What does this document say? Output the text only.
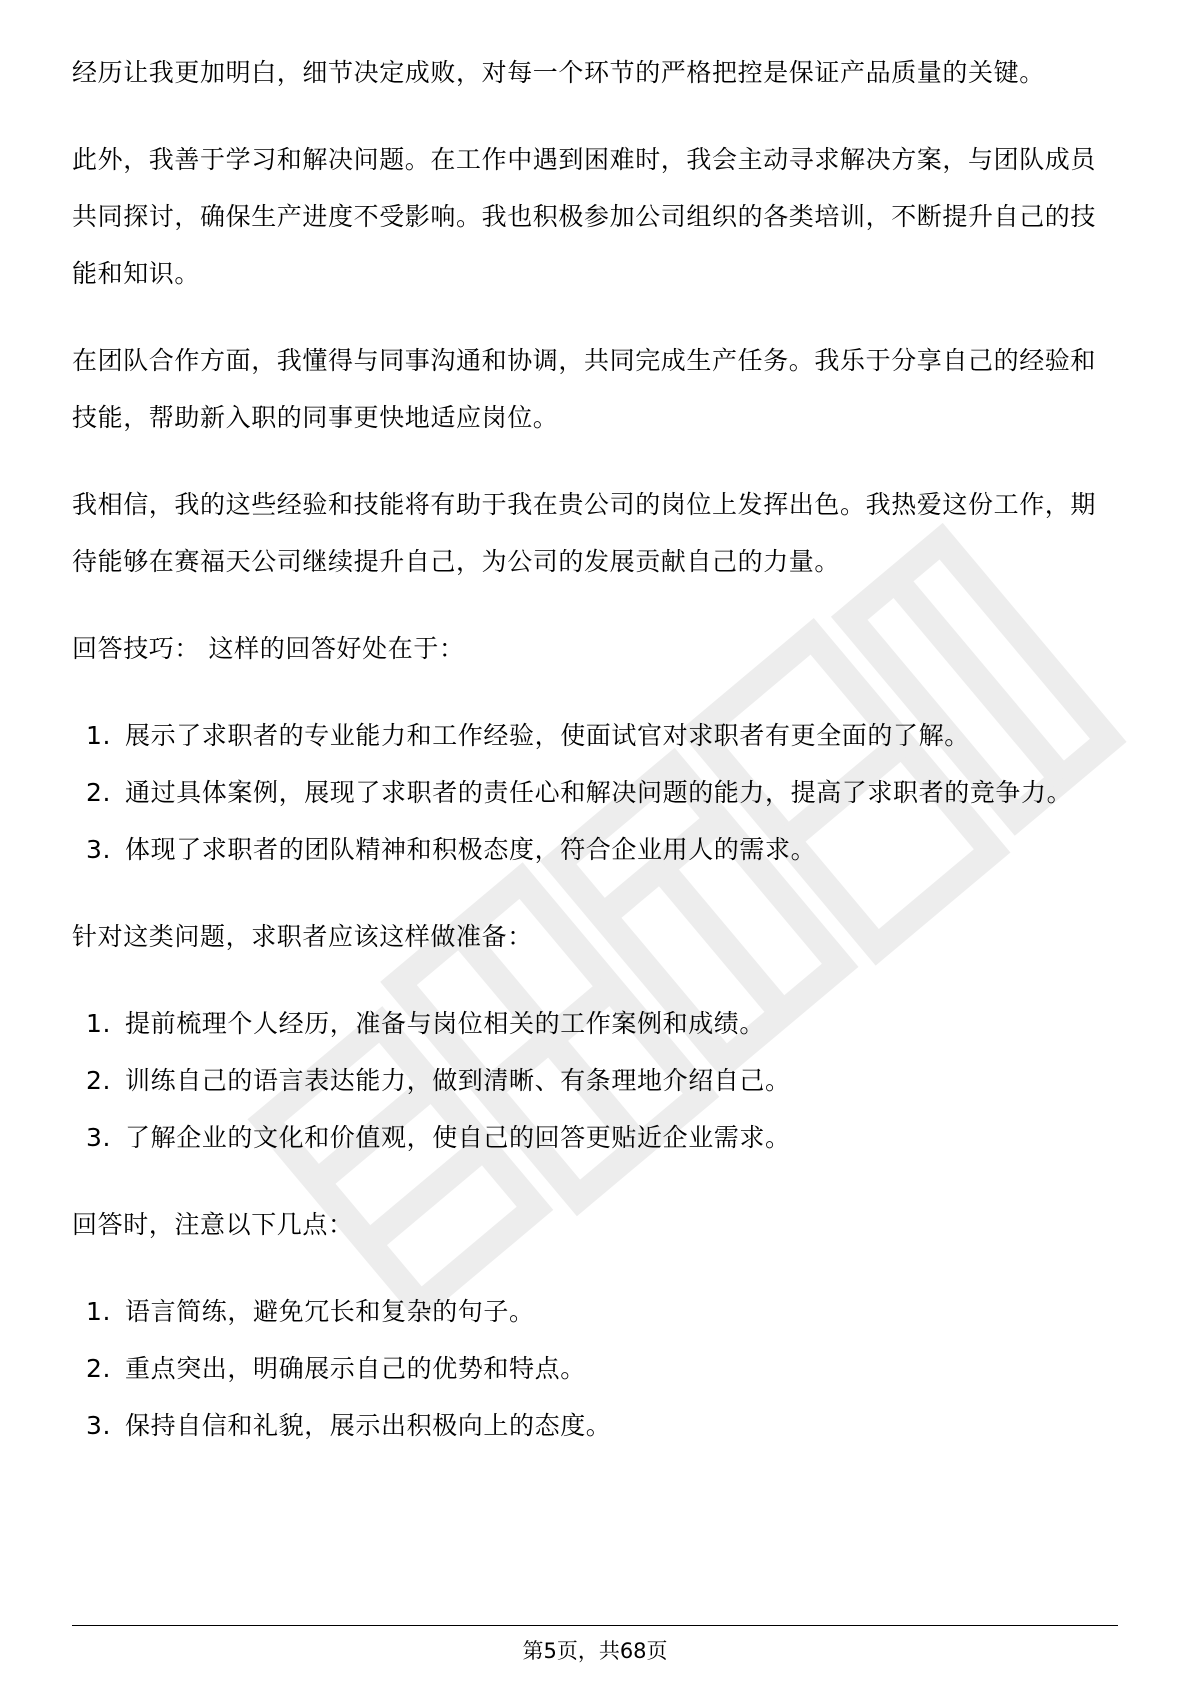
经历让我更加明白，细节决定成败，对每一个环节的严格把控是保证产品质量的关键。

此外，我善于学习和解决问题。在工作中遇到困难时，我会主动寻求解决方案，与团队成员共同探讨，确保生产进度不受影响。我也积极参加公司组织的各类培训，不断提升自己的技能和知识。

在团队合作方面，我懂得与同事沟通和协调，共同完成生产任务。我乐于分享自己的经验和技能，帮助新入职的同事更快地适应岗位。

我相信，我的这些经验和技能将有助于我在贵公司的岗位上发挥出色。我热爱这份工作，期待能够在赛福天公司继续提升自己，为公司的发展贡献自己的力量。

回答技巧： 这样的回答好处在于：

1. 展示了求职者的专业能力和工作经验，使面试官对求职者有更全面的了解。
2. 通过具体案例，展现了求职者的责任心和解决问题的能力，提高了求职者的竞争力。
3. 体现了求职者的团队精神和积极态度，符合企业用人的需求。

针对这类问题，求职者应该这样做准备：

1. 提前梳理个人经历，准备与岗位相关的工作案例和成绩。
2. 训练自己的语言表达能力，做到清晰、有条理地介绍自己。
3. 了解企业的文化和价值观，使自己的回答更贴近企业需求。

回答时，注意以下几点：

1. 语言简练，避免冗长和复杂的句子。
2. 重点突出，明确展示自己的优势和特点。
3. 保持自信和礼貌，展示出积极向上的态度。
第5页，共68页
